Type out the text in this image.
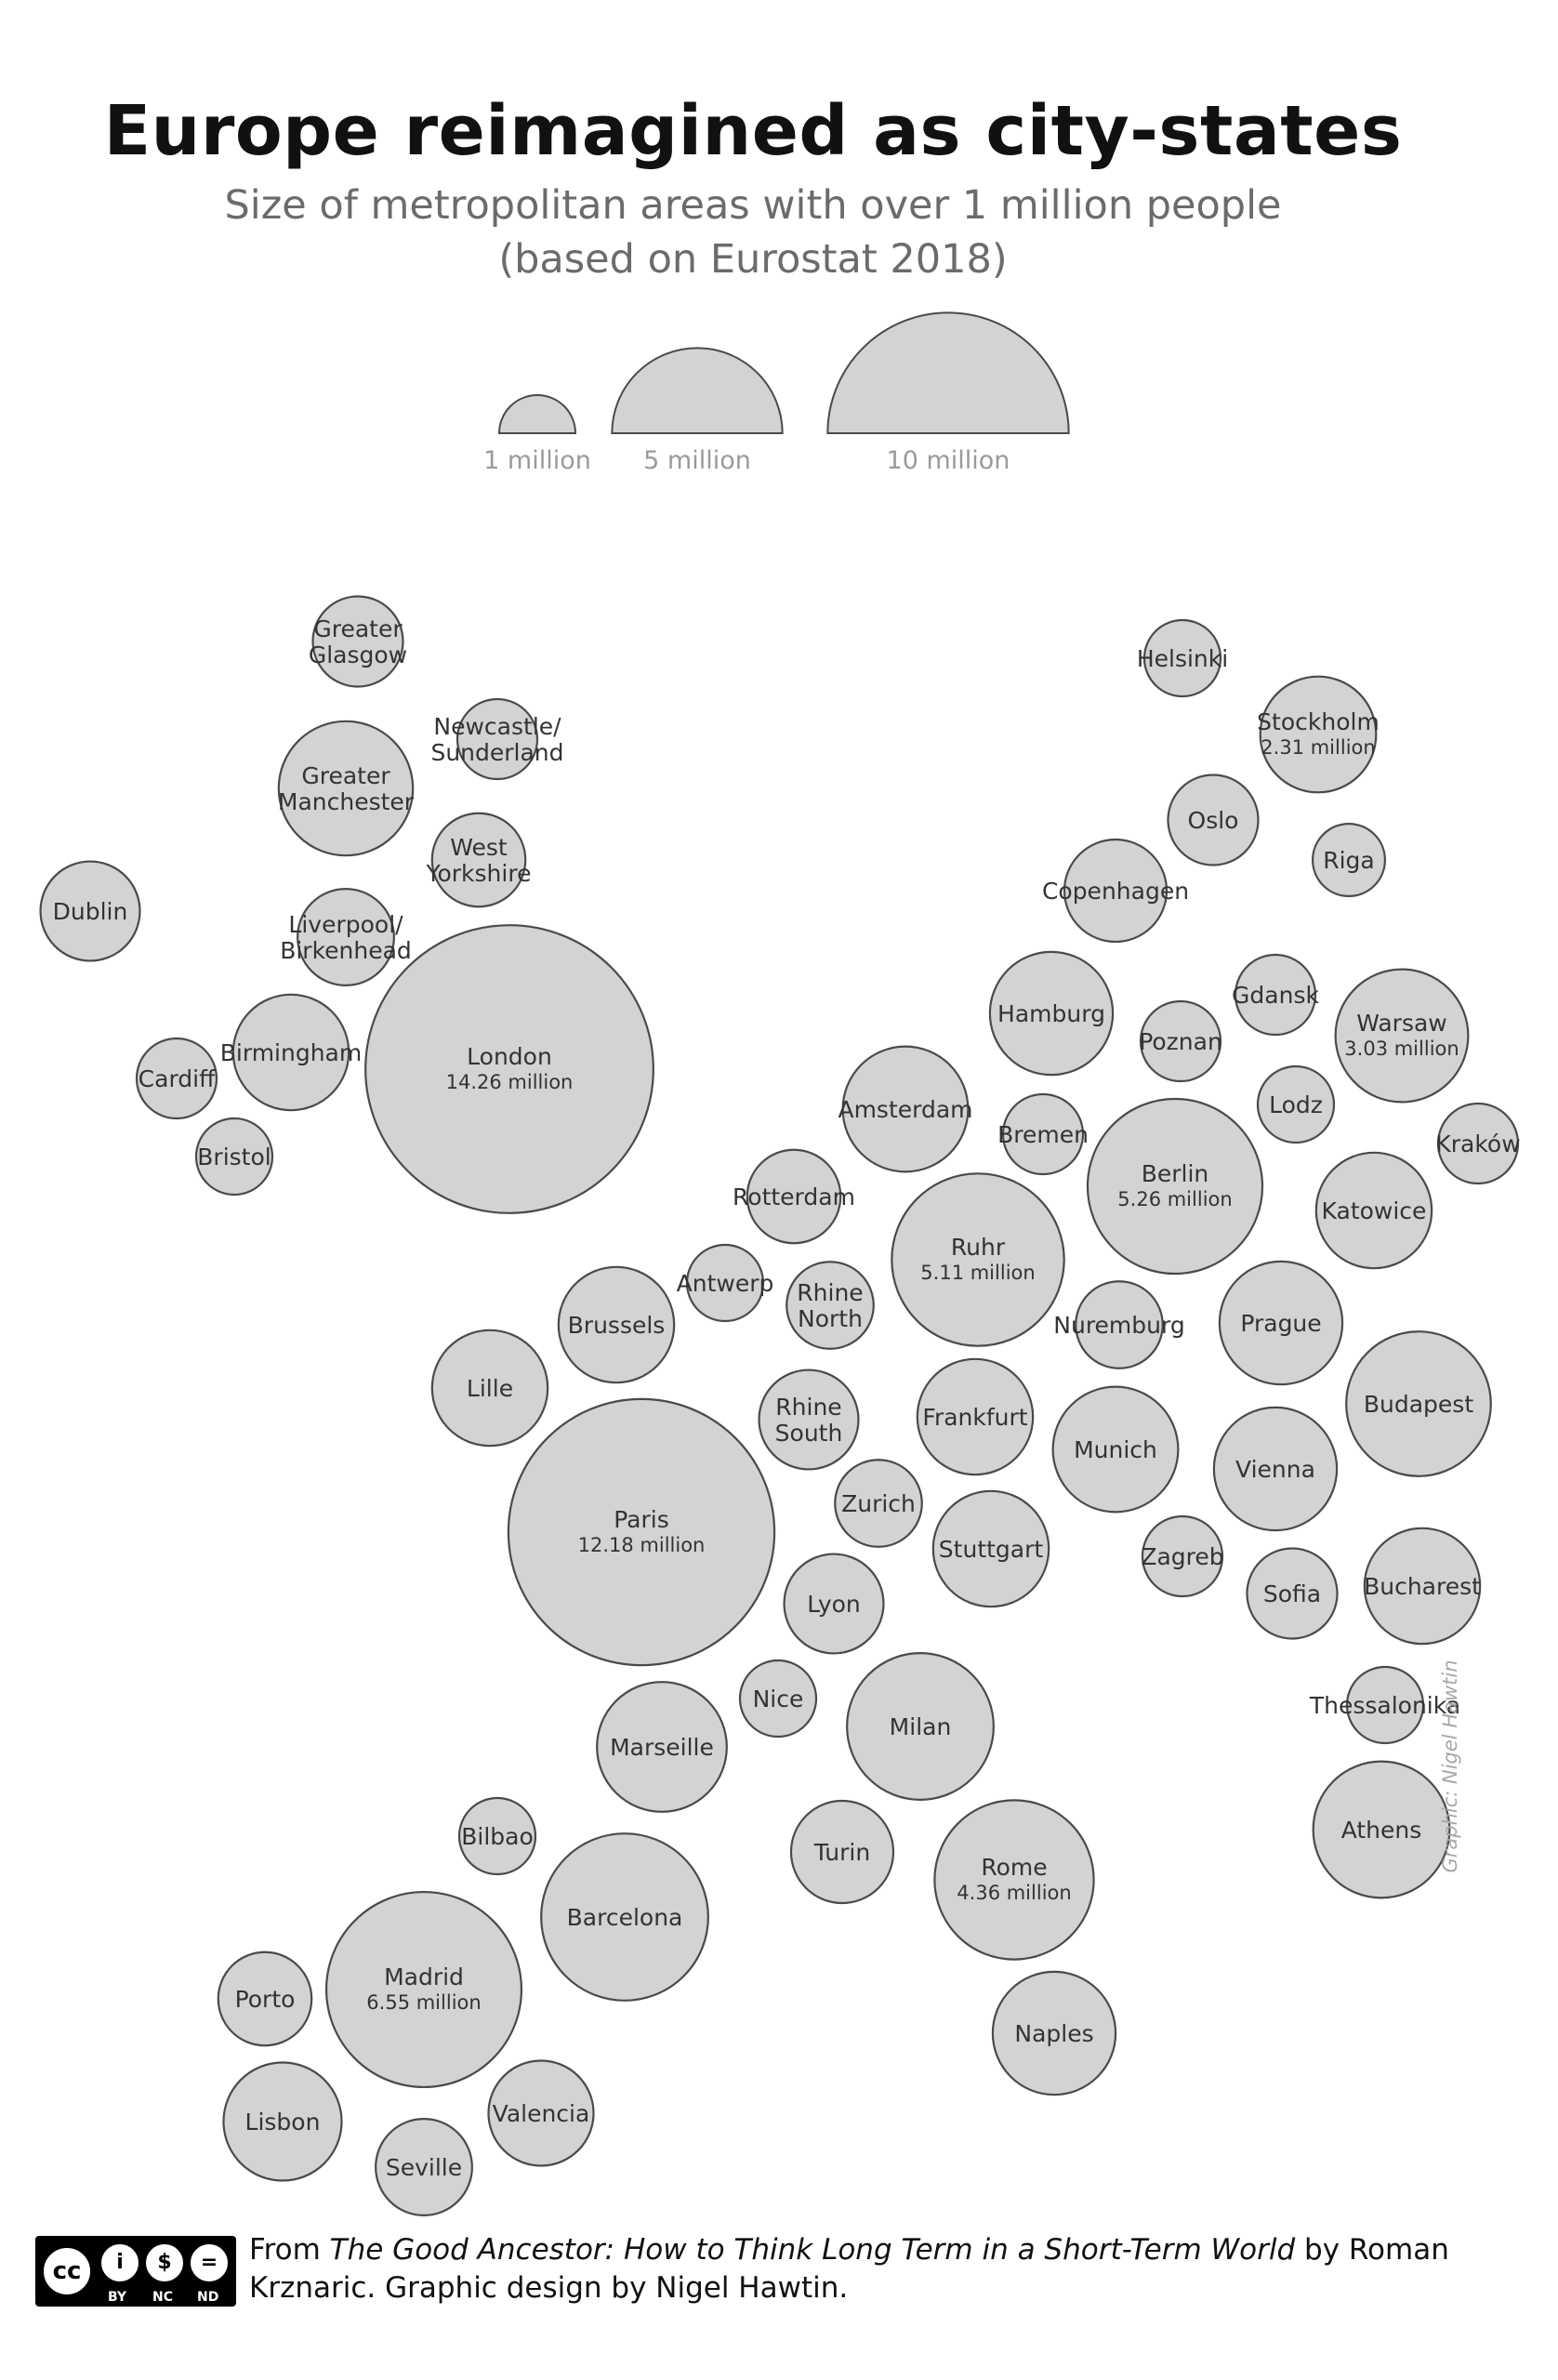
Europe reimagined as city-states
Size of metropolitan areas with over 1 million people
(based on Eurostat 2018)
1 million 5 million	10 million
Greater
Glasgow
Newcastle/
Sunderland
Greater
Manchester
West
Yorkshire
Dublin	Liverpool/
Birkenhead
London
14.26 million
Birmingham
Cardiff
Bristol
Helsinki
Stockholm
2.31 million
Oslo
Riga
Copenhagen
Hamburg
Gdansk
Poznan
Warsaw
3.03 million
Amsterdam	Lodz
Kraków
Bremen
Berlin
5.26 million
Rotterdam
Katowice
Ruhr
5.11 million
Antwerp Rhine
North	Nuremburg Prague
Brussels
Lille
Budapest
Rhine
South
Frankfurt
Munich
Vienna
Paris
12.18 million
Zurich
Stuttgart	Zagreb
Sofia Bucharest
Lyon
Nice	Thessalonika
Milan
Marseille
Athens
Bilbao
Turin
Rome
4.36 million
Barcelona
Madrid
6.55 million
Porto
Naples
Lisbon	Valencia
Seville
Graphic: Nigel Hawtin
cc	i	$	=
BY NC ND
From The Good Ancestor: How to Think Long Term in a Short-Term World by Roman Krznaric. Graphic design by Nigel Hawtin.
